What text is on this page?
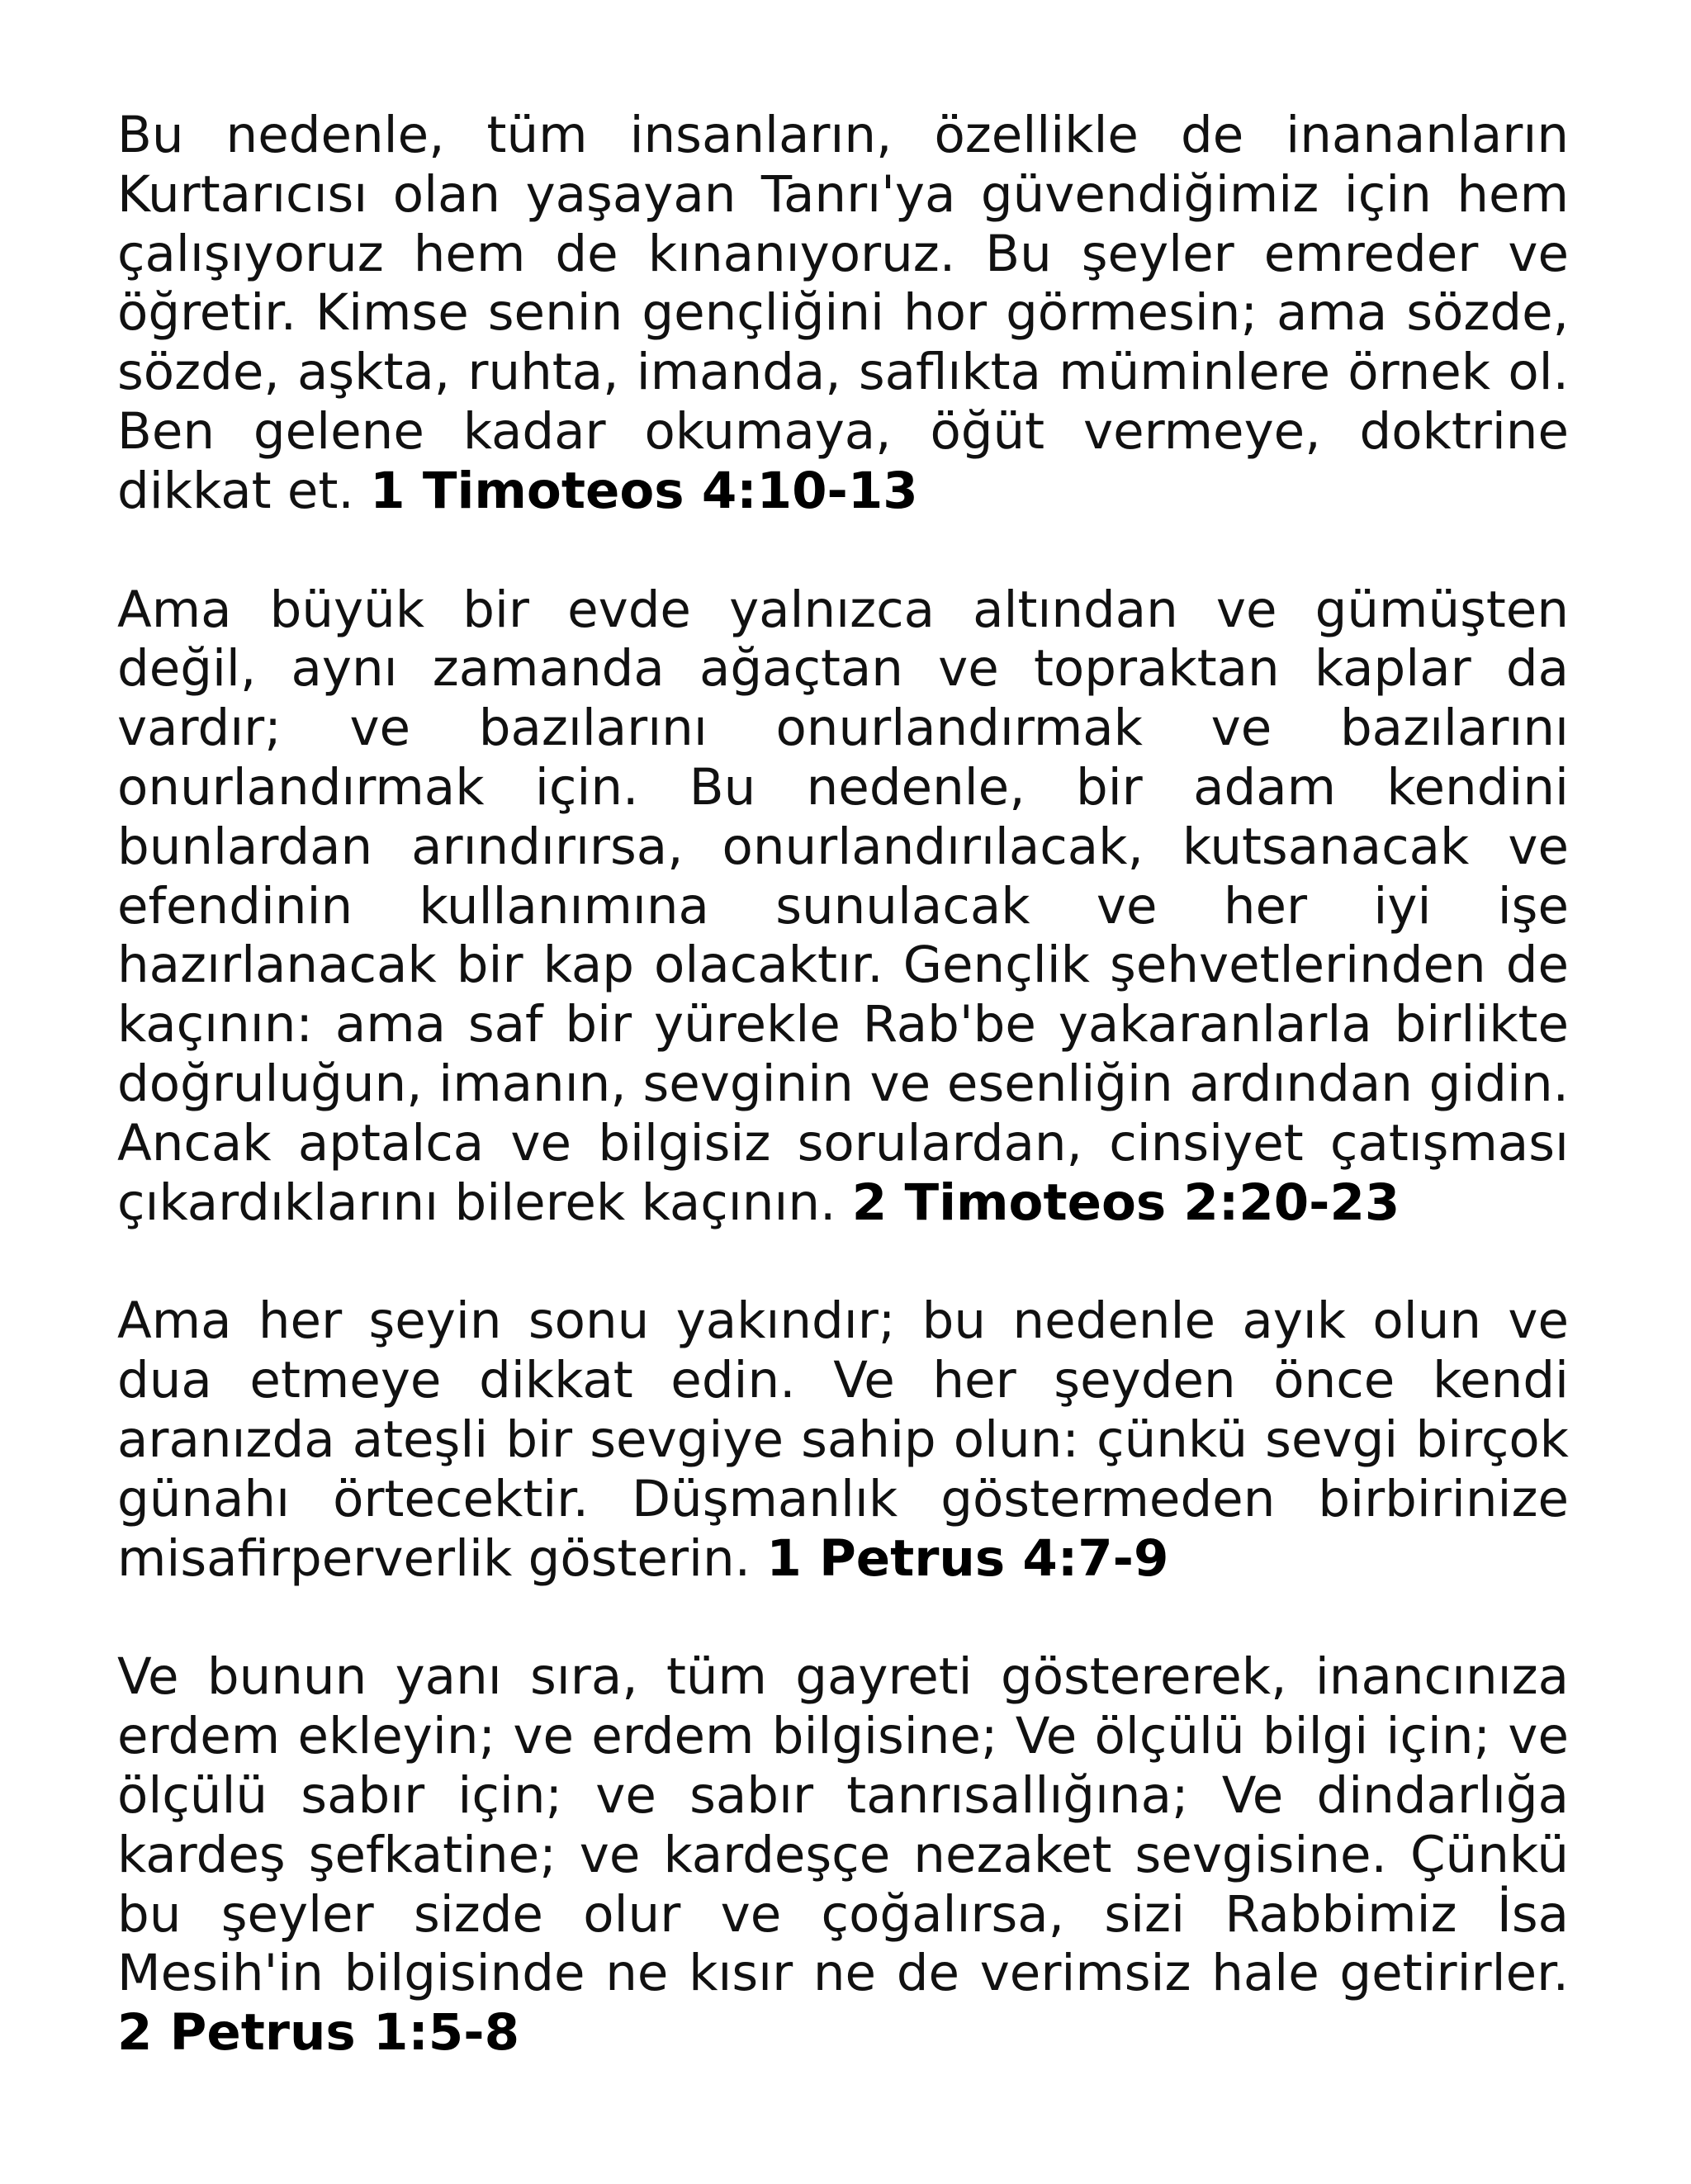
Bu nedenle, tüm insanların, özellikle de inananların Kurtarıcısı olan yaşayan Tanrı'ya güvendiğimiz için hem çalışıyoruz hem de kınanıyoruz. Bu şeyler emreder ve öğretir. Kimse senin gençliğini hor görmesin; ama sözde, sözde, aşkta, ruhta, imanda, saflıkta müminlere örnek ol. Ben gelene kadar okumaya, öğüt vermeye, doktrine dikkat et. 1 Timoteos 4:10-13

Ama büyük bir evde yalnızca altından ve gümüşten değil, aynı zamanda ağaçtan ve topraktan kaplar da vardır; ve bazılarını onurlandırmak ve bazılarını onurlandırmak için. Bu nedenle, bir adam kendini bunlardan arındırırsa, onurlandırılacak, kutsanacak ve efendinin kullanımına sunulacak ve her iyi işe hazırlanacak bir kap olacaktır. Gençlik şehvetlerinden de kaçının: ama saf bir yürekle Rab'be yakaranlarla birlikte doğruluğun, imanın, sevginin ve esenliğin ardından gidin. Ancak aptalca ve bilgisiz sorulardan, cinsiyet çatışması çıkardıklarını bilerek kaçının. 2 Timoteos 2:20-23

Ama her şeyin sonu yakındır; bu nedenle ayık olun ve dua etmeye dikkat edin. Ve her şeyden önce kendi aranızda ateşli bir sevgiye sahip olun: çünkü sevgi birçok günahı örtecektir. Düşmanlık göstermeden birbirinize misafirperverlik gösterin. 1 Petrus 4:7-9

Ve bunun yanı sıra, tüm gayreti göstererek, inancınıza erdem ekleyin; ve erdem bilgisine; Ve ölçülü bilgi için; ve ölçülü sabır için; ve sabır tanrısallığına; Ve dindarlığa kardeş şefkatine; ve kardeşçe nezaket sevgisine. Çünkü bu şeyler sizde olur ve çoğalırsa, sizi Rabbimiz İsa Mesih'in bilgisinde ne kısır ne de verimsiz hale getirirler. 2 Petrus 1:5-8
